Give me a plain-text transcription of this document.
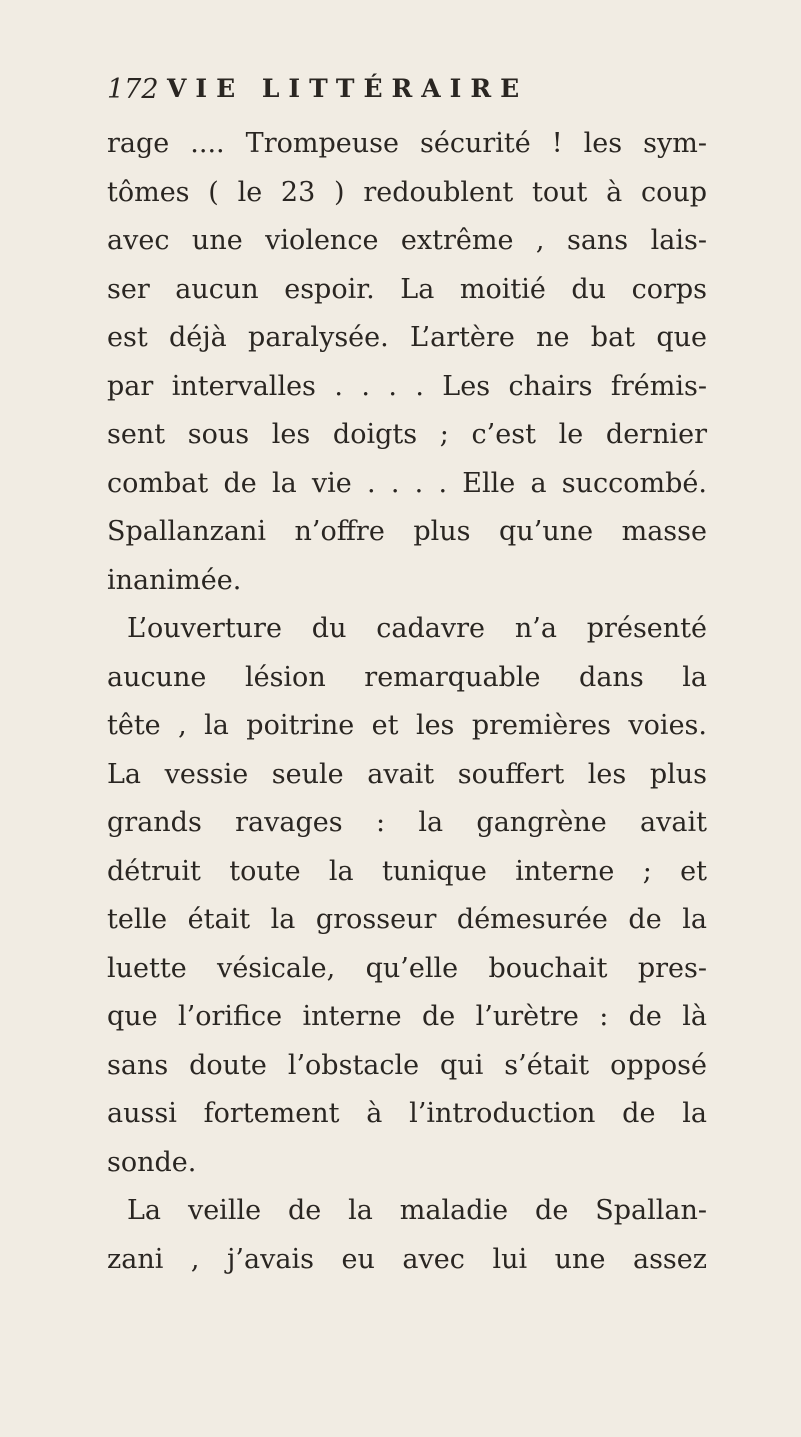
172 VIE LITTÉRAIRE
rage .... Trompeuse sécurité ! les sym-
tômes ( le 23 ) redoublent tout à coup
avec une violence extrême , sans lais-
ser aucun espoir. La moitié du corps
est déjà paralysée. L’artère ne bat que
par intervalles . . . . Les chairs frémis-
sent sous les doigts ; c’est le dernier
combat de la vie . . . . Elle a succombé.
Spallanzani n’offre plus qu’une masse
inanimée.
L’ouverture du cadavre n’a présenté
aucune lésion remarquable dans la
tête , la poitrine et les premières voies.
La vessie seule avait souffert les plus
grands ravages : la gangrène avait
détruit toute la tunique interne ; et
telle était la grosseur démesurée de la
luette vésicale, qu’elle bouchait pres-
que l’orifice interne de l’urètre : de là
sans doute l’obstacle qui s’était opposé
aussi fortement à l’introduction de la
sonde.
La veille de la maladie de Spallan-
zani , j’avais eu avec lui une assez
